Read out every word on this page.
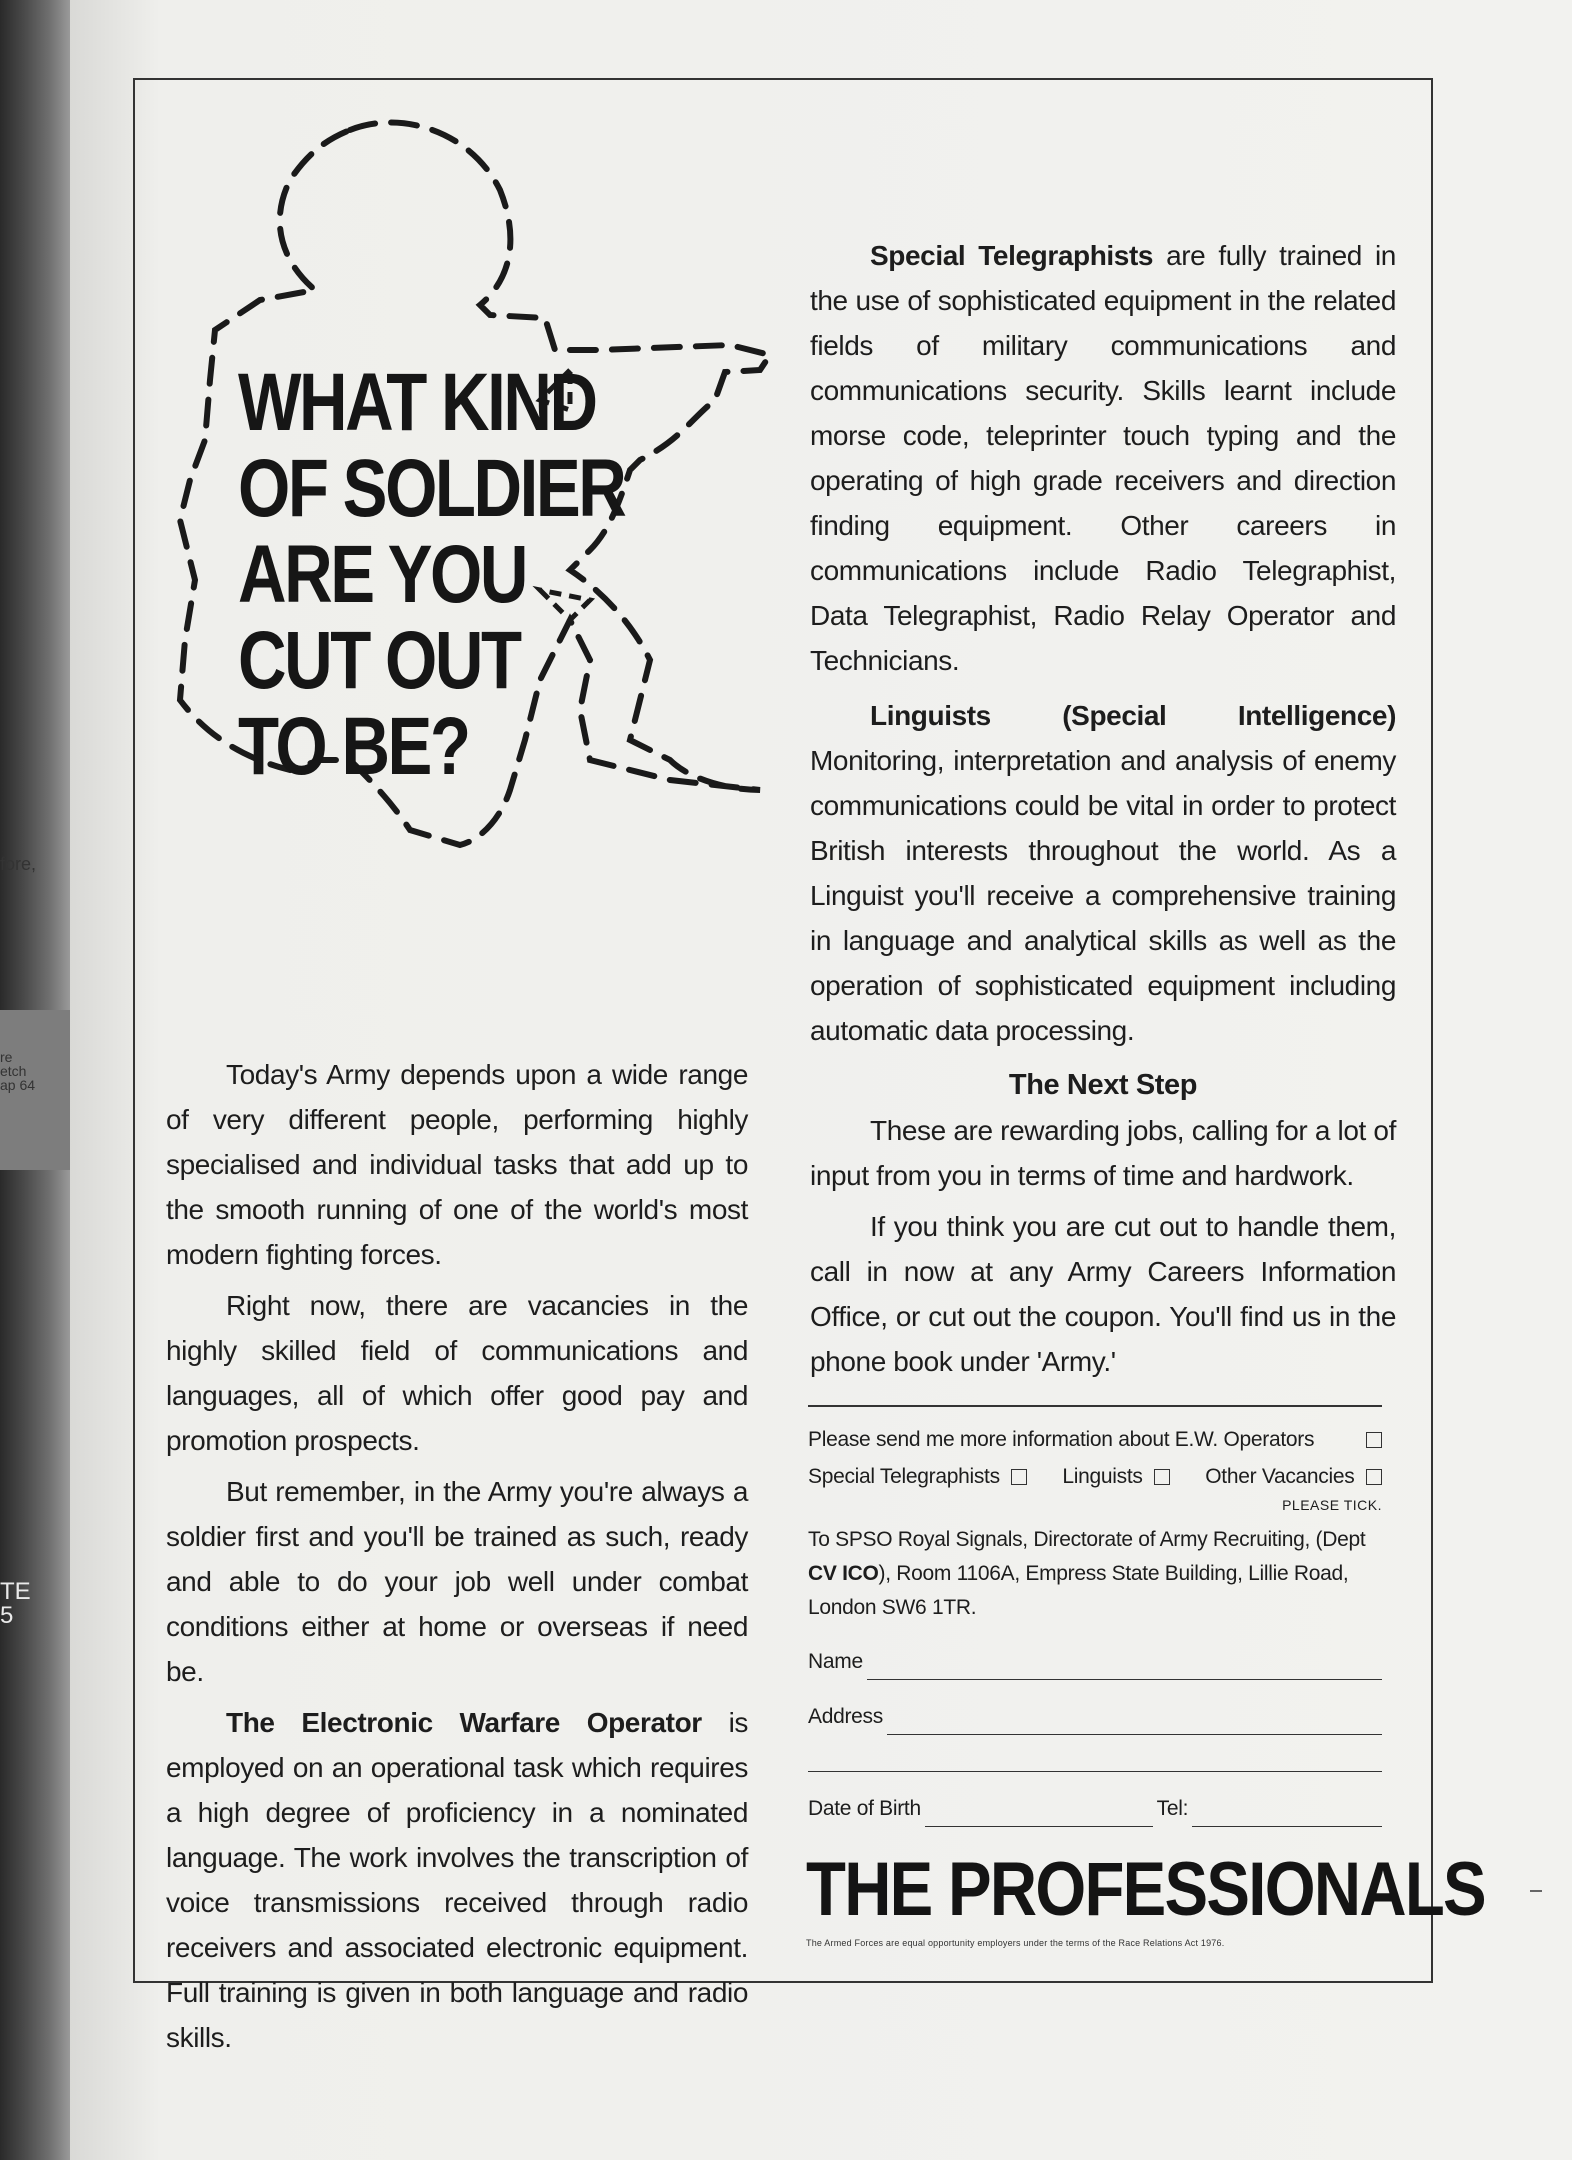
fore,
re
etch
ap 64
TE
5
WHAT KIND
OF SOLDIER
ARE YOU
CUT OUT
TO BE?

Special Telegraphists are fully trained in the use of sophisticated equipment in the related fields of military communications and communications security. Skills learnt include morse code, teleprinter touch typing and the operating of high grade receivers and direction finding equipment. Other careers in communications include Radio Telegraphist, Data Telegraphist, Radio Relay Operator and Technicians.

Linguists (Special Intelligence) Monitoring, interpretation and analysis of enemy communications could be vital in order to protect British interests throughout the world. As a Linguist you'll receive a comprehensive training in language and analytical skills as well as the operation of sophisticated equipment including automatic data processing.

The Next Step

These are rewarding jobs, calling for a lot of input from you in terms of time and hardwork.

If you think you are cut out to handle them, call in now at any Army Careers Information Office, or cut out the coupon. You'll find us in the phone book under 'Army.'

Today's Army depends upon a wide range of very different people, performing highly specialised and individual tasks that add up to the smooth running of one of the world's most modern fighting forces.

Right now, there are vacancies in the highly skilled field of communications and languages, all of which offer good pay and promotion prospects.

But remember, in the Army you're always a soldier first and you'll be trained as such, ready and able to do your job well under combat conditions either at home or overseas if need be.

The Electronic Warfare Operator is employed on an operational task which requires a high degree of proficiency in a nominated language. The work involves the transcription of voice transmissions received through radio receivers and associated electronic equipment. Full training is given in both language and radio skills.

Please send me more information about E.W. Operators
Special Telegraphists	Linguists	Other Vacancies
PLEASE TICK.
To SPSO Royal Signals, Directorate of Army Recruiting, (Dept CV ICO), Room 1106A, Empress State Building, Lillie Road, London SW6 1TR.
Name
Address
Date of Birth	Tel:
THE PROFESSIONALS
The Armed Forces are equal opportunity employers under the terms of the Race Relations Act 1976.
